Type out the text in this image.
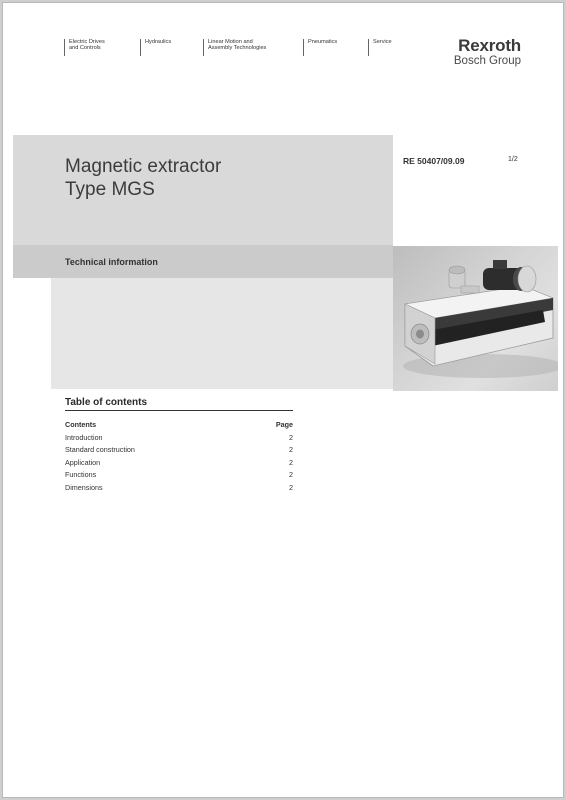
Electric Drives
and Controls
Hydraulics	Linear Motion and
Assembly Technologies
Pneumatics	Service	Rexroth
Bosch Group
Magnetic extractor
Type MGS
Technical information
RE 50407/09.09	1/2
Table of contents
Contents	Page
Introduction	2
Standard construction	2
Application	2
Functions	2
Dimensions	2
